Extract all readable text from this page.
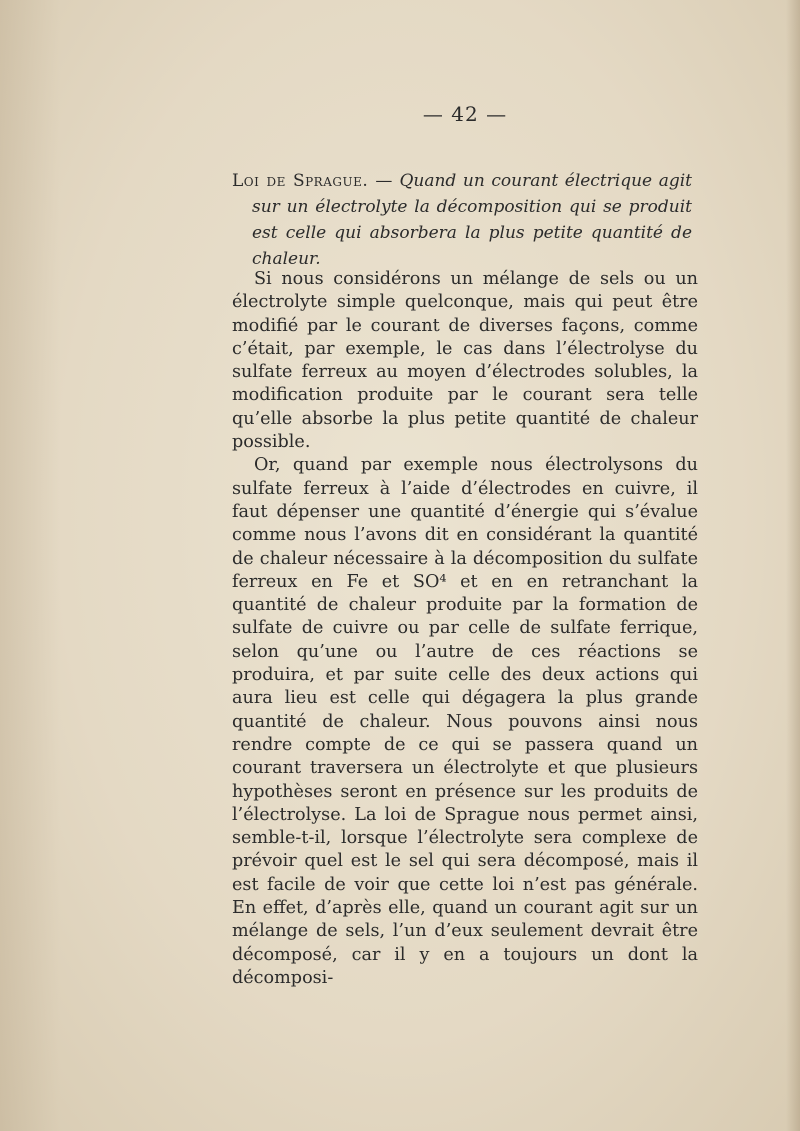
— 42 —
Loi de Sprague. — Quand un courant électrique agit sur un électrolyte la décomposition qui se produit est celle qui absorbera la plus petite quantité de chaleur.

Si nous considérons un mélange de sels ou un électrolyte simple quelconque, mais qui peut être modifié par le courant de diverses façons, comme c’était, par exemple, le cas dans l’électrolyse du sulfate ferreux au moyen d’électrodes solubles, la modification produite par le courant sera telle qu’elle absorbe la plus petite quantité de chaleur possible.

Or, quand par exemple nous électrolysons du sulfate ferreux à l’aide d’électrodes en cuivre, il faut dépenser une quantité d’énergie qui s’évalue comme nous l’avons dit en considérant la quantité de chaleur nécessaire à la décomposition du sulfate ferreux en Fe et SO⁴ et en en retranchant la quantité de chaleur produite par la formation de sulfate de cuivre ou par celle de sulfate ferrique, selon qu’une ou l’autre de ces réactions se produira, et par suite celle des deux actions qui aura lieu est celle qui dégagera la plus grande quantité de chaleur. Nous pouvons ainsi nous rendre compte de ce qui se passera quand un courant traversera un électrolyte et que plusieurs hypothèses seront en présence sur les produits de l’électrolyse. La loi de Sprague nous permet ainsi, semble-t-il, lorsque l’électrolyte sera complexe de prévoir quel est le sel qui sera décomposé, mais il est facile de voir que cette loi n’est pas générale. En effet, d’après elle, quand un courant agit sur un mélange de sels, l’un d’eux seulement devrait être décomposé, car il y en a toujours un dont la décomposi-
